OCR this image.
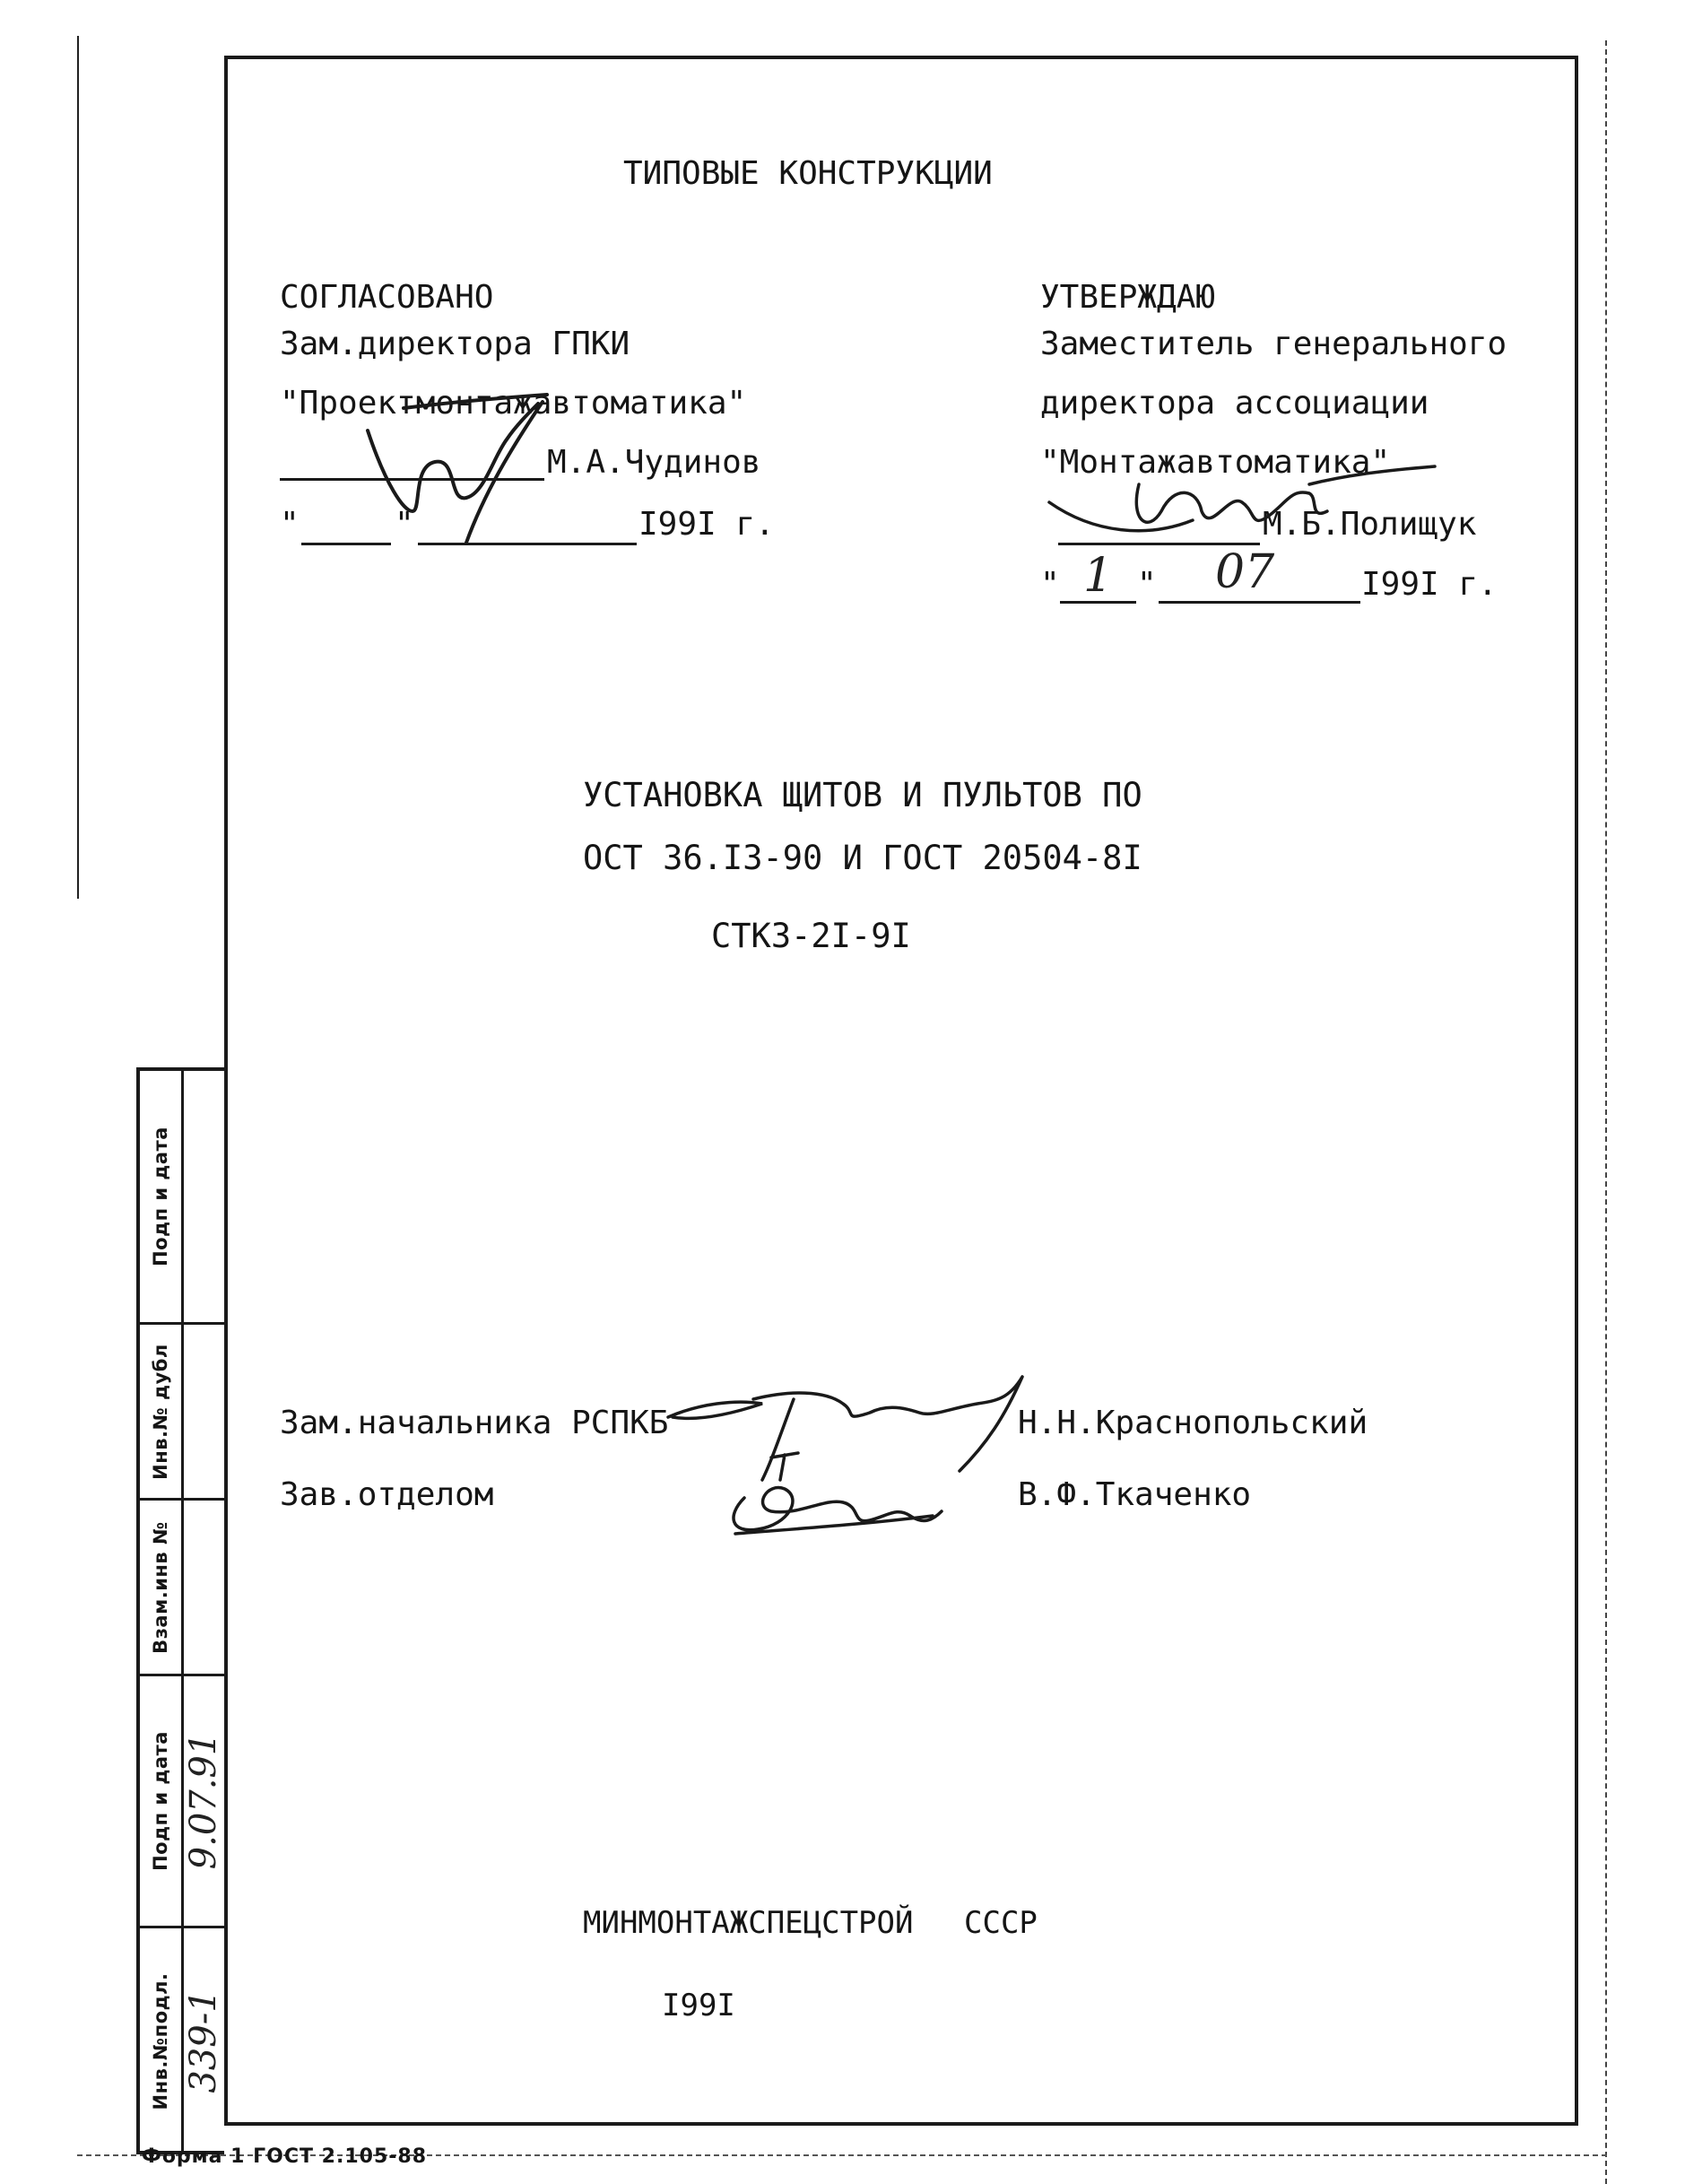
ТИПОВЫЕ КОНСТРУКЦИИ
СОГЛАСОВАНО
Зам.директора ГПКИ
"Проектмонтажавтоматика"
М.А.Чудинов
"	"	I99I г.
УТВЕРЖДАЮ
Заместитель генерального
директора ассоциации
"Монтажавтоматика"
М.Б.Полищук
" 1 " 07	I99I г.
УСТАНОВКА ЩИТОВ И ПУЛЬТОВ ПО
ОСТ 36.I3-90 И ГОСТ 20504-8I
СТК3-2I-9I
Зам.начальника РСПКБ	Н.Н.Краснопольский
Зав.отделом	В.Ф.Ткаченко
МИНМОНТАЖСПЕЦСТРОЙ СССР
I99I
Подп и дата
Инв.№ дубл
Взам.инв №
Подп и дата 9.07.91
Инв.№подл. 339-1
Форма 1 ГОСТ 2.105-88
